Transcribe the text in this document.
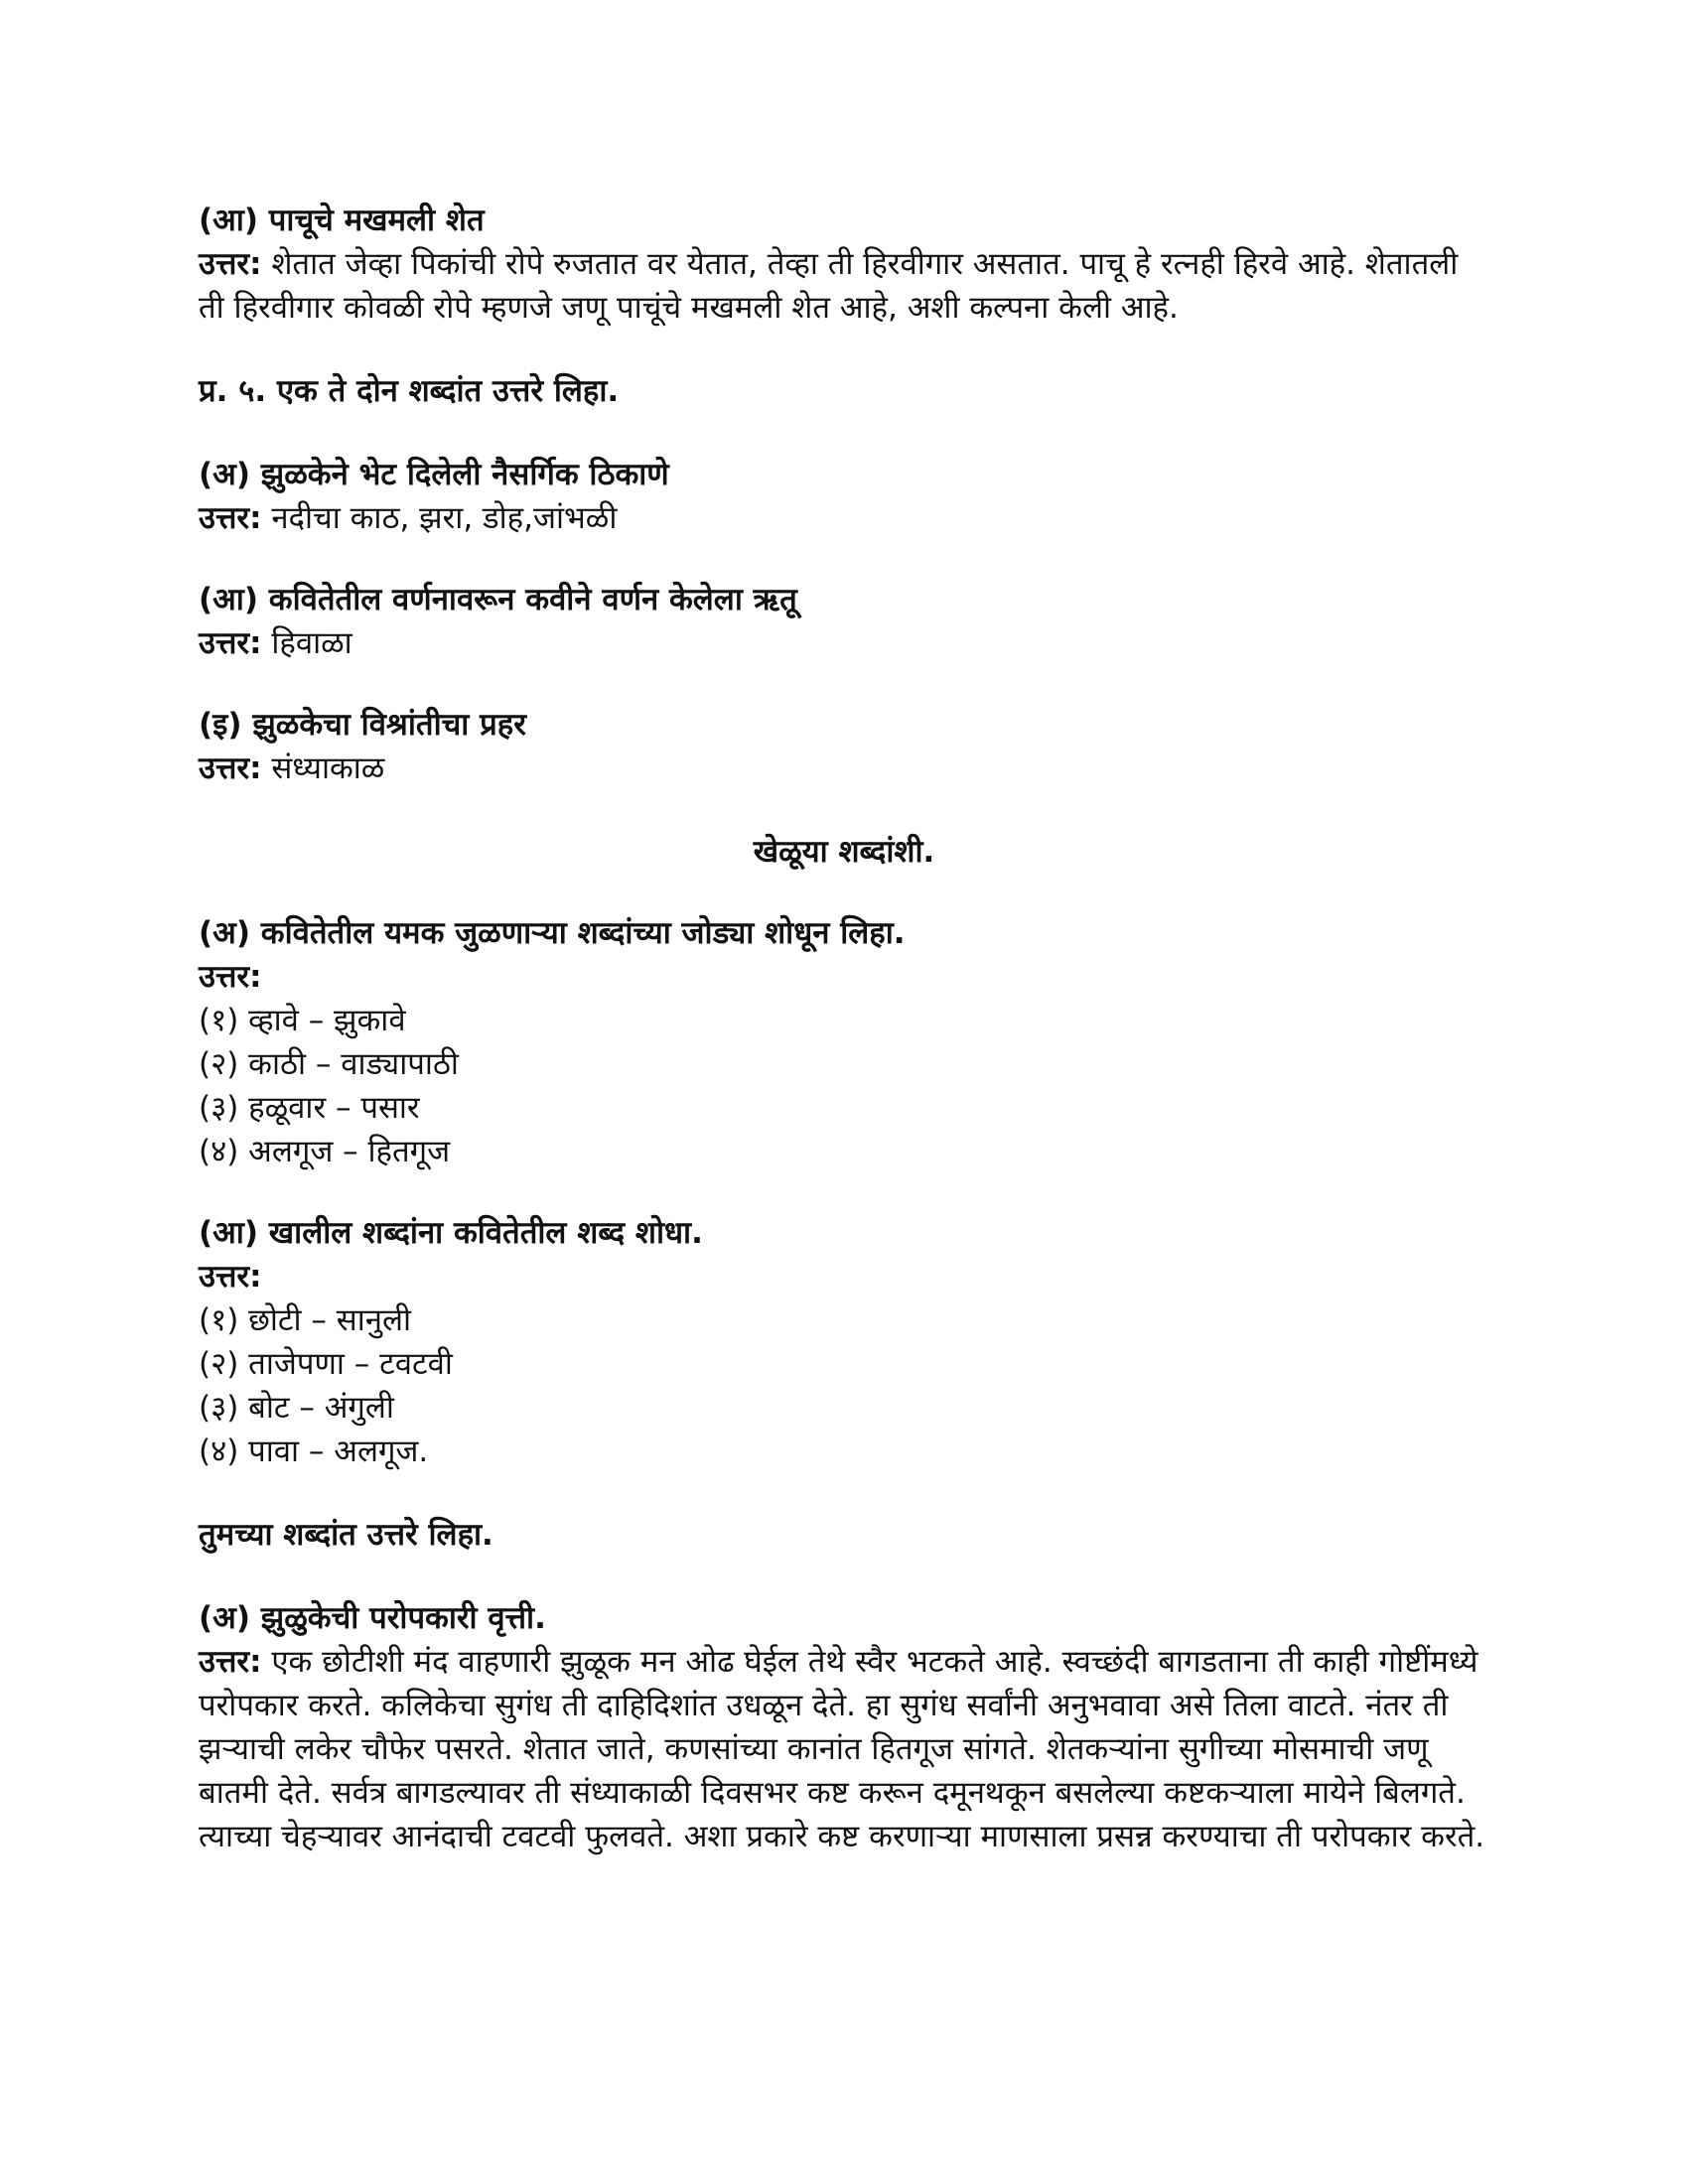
(आ) पाचूचे मखमली शेत

उत्तर: शेतात जेव्हा पिकांची रोपे रुजतात वर येतात, तेव्हा ती हिरवीगार असतात. पाचू हे रत्नही हिरवे आहे. शेतातली ती हिरवीगार कोवळी रोपे म्हणजे जणू पाचूंचे मखमली शेत आहे, अशी कल्पना केली आहे.

प्र. ५. एक ते दोन शब्दांत उत्तरे लिहा.

(अ) झुळकेने भेट दिलेली नैसर्गिक ठिकाणे

उत्तर: नदीचा काठ, झरा, डोह,जांभळी

(आ) कवितेतील वर्णनावरून कवीने वर्णन केलेला ऋतू

उत्तर: हिवाळा

(इ) झुळकेचा विश्रांतीचा प्रहर

उत्तर: संध्याकाळ

खेळूया शब्दांशी.

(अ) कवितेतील यमक जुळणाऱ्या शब्दांच्या जोड्या शोधून लिहा.

उत्तर:

(१) व्हावे – झुकावे

(२) काठी – वाड्यापाठी

(३) हळूवार – पसार

(४) अलगूज – हितगूज

(आ) खालील शब्दांना कवितेतील शब्द शोधा.

उत्तर:

(१) छोटी – सानुली

(२) ताजेपणा – टवटवी

(३) बोट – अंगुली

(४) पावा – अलगूज.

तुमच्या शब्दांत उत्तरे लिहा.

(अ) झुळुकेची परोपकारी वृत्ती.

उत्तर: एक छोटीशी मंद वाहणारी झुळूक मन ओढ घेईल तेथे स्वैर भटकते आहे. स्वच्छंदी बागडताना ती काही गोष्टींमध्ये परोपकार करते. कलिकेचा सुगंध ती दाहिदिशांत उधळून देते. हा सुगंध सर्वांनी अनुभवावा असे तिला वाटते. नंतर ती झऱ्याची लकेर चौफेर पसरते. शेतात जाते, कणसांच्या कानांत हितगूज सांगते. शेतकऱ्यांना सुगीच्या मोसमाची जणू बातमी देते. सर्वत्र बागडल्यावर ती संध्याकाळी दिवसभर कष्ट करून दमूनथकून बसलेल्या कष्टकऱ्याला मायेने बिलगते. त्याच्या चेहऱ्यावर आनंदाची टवटवी फुलवते. अशा प्रकारे कष्ट करणाऱ्या माणसाला प्रसन्न करण्याचा ती परोपकार करते.
